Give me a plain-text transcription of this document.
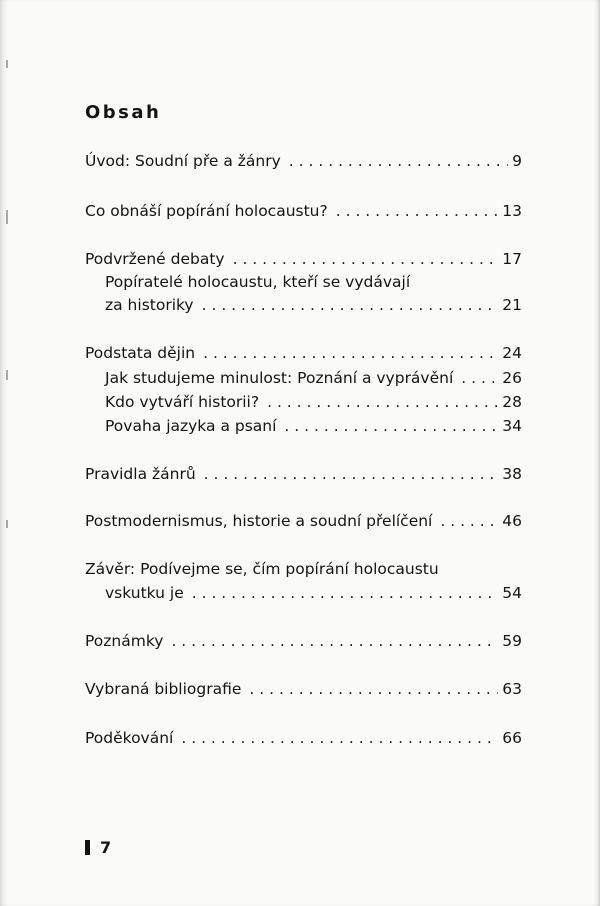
Obsah
Úvod: Soudní pře a žánry . . .	9
Co obnáší popírání holocaustu? . . .	13
Podvržené debaty . . .	17
Popíratelé holocaustu, kteří se vydávají
za historiky . . .	21
Podstata dějin . . .	24
Jak studujeme minulost: Poznání a vyprávění . . .	26
Kdo vytváří historii? . . .	28
Povaha jazyka a psaní . . .	34
Pravidla žánrů . . .	38
Postmodernismus, historie a soudní přelíčení . . .	46
Závěr: Podívejme se, čím popírání holocaustu
vskutku je . . .	54
Poznámky . . .	59
Vybraná bibliografie . . .	63
Poděkování . . .	66
7
